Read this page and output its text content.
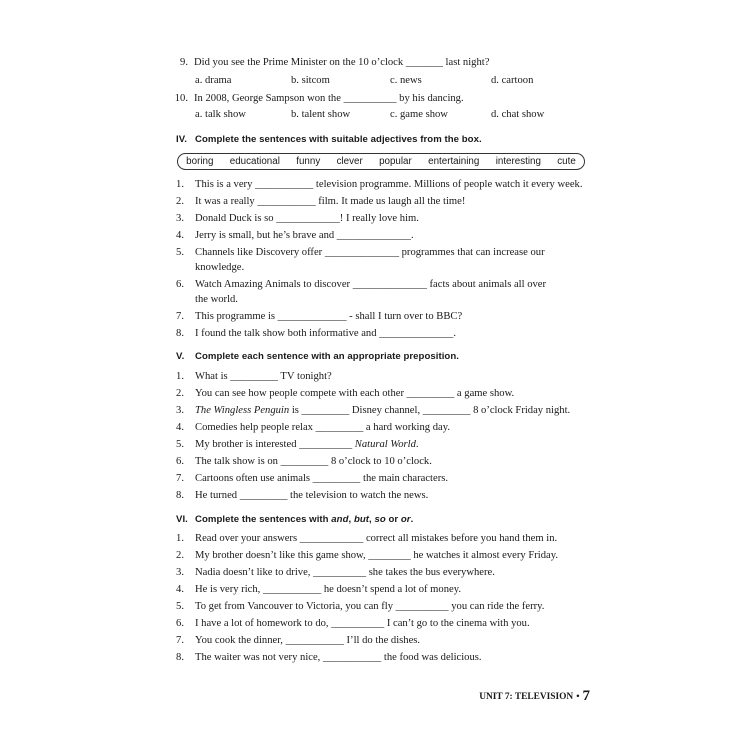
9. Did you see the Prime Minister on the 10 o’clock _______ last night?
a. drama	b. sitcom	c. news	d. cartoon
10. In 2008, George Sampson won the __________ by his dancing.
a. talk show	b. talent show	c. game show	d. chat show
IV. Complete the sentences with suitable adjectives from the box.
boring educational funny clever popular entertaining interesting cute
1. This is a very ___________ television programme. Millions of people watch it every week.
2. It was a really ___________ film. It made us laugh all the time!
3. Donald Duck is so ____________! I really love him.
4. Jerry is small, but he’s brave and ______________.
5. Channels like Discovery offer ______________ programmes that can increase our
knowledge.
6. Watch Amazing Animals to discover ______________ facts about animals all over
the world.
7. This programme is _____________ - shall I turn over to BBC?
8. I found the talk show both informative and ______________.
V. Complete each sentence with an appropriate preposition.
1. What is _________ TV tonight?
2. You can see how people compete with each other _________ a game show.
3. The Wingless Penguin is _________ Disney channel, _________ 8 o’clock Friday night.
4. Comedies help people relax _________ a hard working day.
5. My brother is interested __________ Natural World.
6. The talk show is on _________ 8 o’clock to 10 o’clock.
7. Cartoons often use animals _________ the main characters.
8. He turned _________ the television to watch the news.
VI. Complete the sentences with and, but, so or or.
1. Read over your answers ____________ correct all mistakes before you hand them in.
2. My brother doesn’t like this game show, ________ he watches it almost every Friday.
3. Nadia doesn’t like to drive, __________ she takes the bus everywhere.
4. He is very rich, ___________ he doesn’t spend a lot of money.
5. To get from Vancouver to Victoria, you can fly __________ you can ride the ferry.
6. I have a lot of homework to do, __________ I can’t go to the cinema with you.
7. You cook the dinner, ___________ I’ll do the dishes.
8. The waiter was not very nice, ___________ the food was delicious.
UNIT 7: TELEVISION • 7
